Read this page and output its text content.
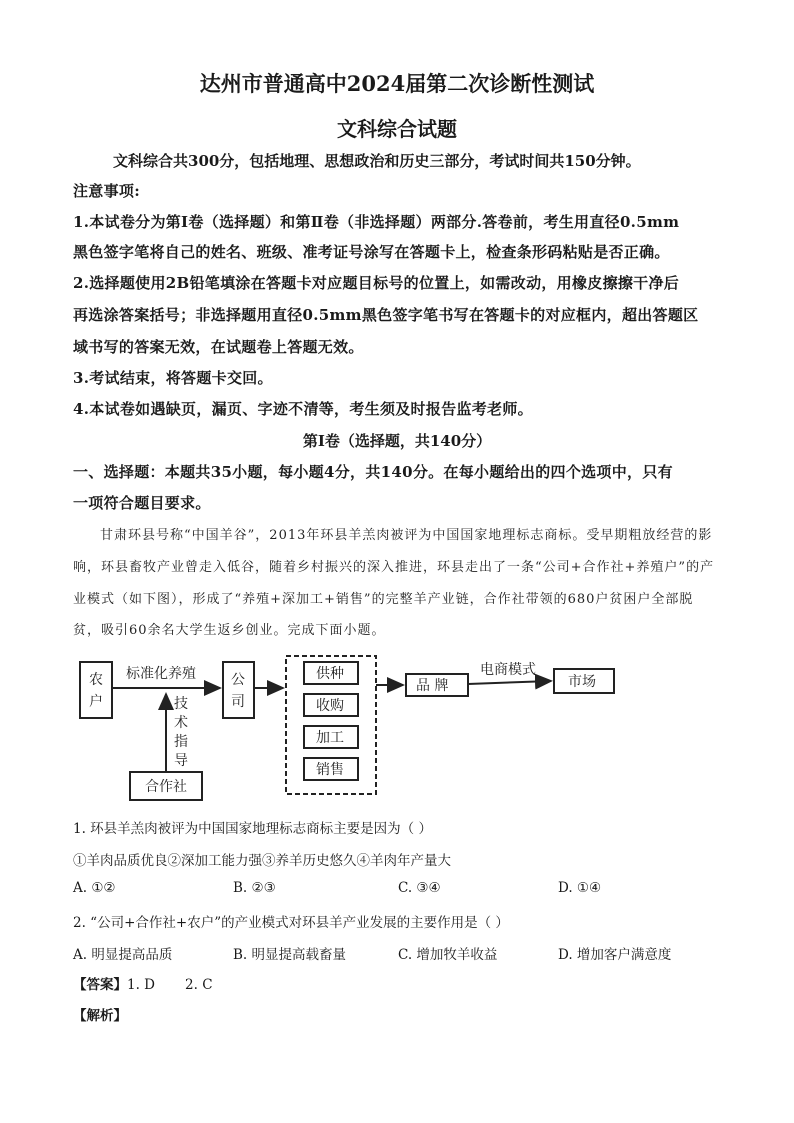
达州市普通高中2024届第二次诊断性测试
文科综合试题
文科综合共300分，包括地理、思想政治和历史三部分，考试时间共150分钟。
注意事项:
1.本试卷分为第Ⅰ卷（选择题）和第Ⅱ卷（非选择题）两部分.答卷前，考生用直径0.5mm
黑色签字笔将自己的姓名、班级、准考证号涂写在答题卡上，检查条形码粘贴是否正确。
2.选择题使用2B铅笔填涂在答题卡对应题目标号的位置上，如需改动，用橡皮擦擦干净后
再选涂答案括号；非选择题用直径0.5mm黑色签字笔书写在答题卡的对应框内，超出答题区
域书写的答案无效，在试题卷上答题无效。
3.考试结束，将答题卡交回。
4.本试卷如遇缺页，漏页、字迹不清等，考生须及时报告监考老师。
第Ⅰ卷（选择题，共140分）
一、选择题：本题共35小题，每小题4分，共140分。在每小题给出的四个选项中，只有
一项符合题目要求。
甘肃环县号称“中国羊谷”，2013年环县羊羔肉被评为中国国家地理标志商标。受早期粗放经营的影
响，环县畜牧产业曾走入低谷，随着乡村振兴的深入推进，环县走出了一条“公司+合作社+养殖户”的产
业模式（如下图），形成了“养殖+深加工+销售”的完整羊产业链，合作社带领的680户贫困户全部脱
贫，吸引60余名大学生返乡创业。完成下面小题。
农
户
标准化养殖	公
司
技
术
指
导
合作社
供种
收购
加工
销售
品 牌
电商模式
市场
1. 环县羊羔肉被评为中国国家地理标志商标主要是因为（ ）
①羊肉品质优良②深加工能力强③养羊历史悠久④羊肉年产量大
A. ①②	B. ②③	C. ③④	D. ①④
2. “公司+合作社+农户”的产业模式对环县羊产业发展的主要作用是（ ）
A. 明显提高品质	B. 明显提高载畜量	C. 增加牧羊收益	D. 增加客户满意度
【答案】1. D       2. C
【解析】
